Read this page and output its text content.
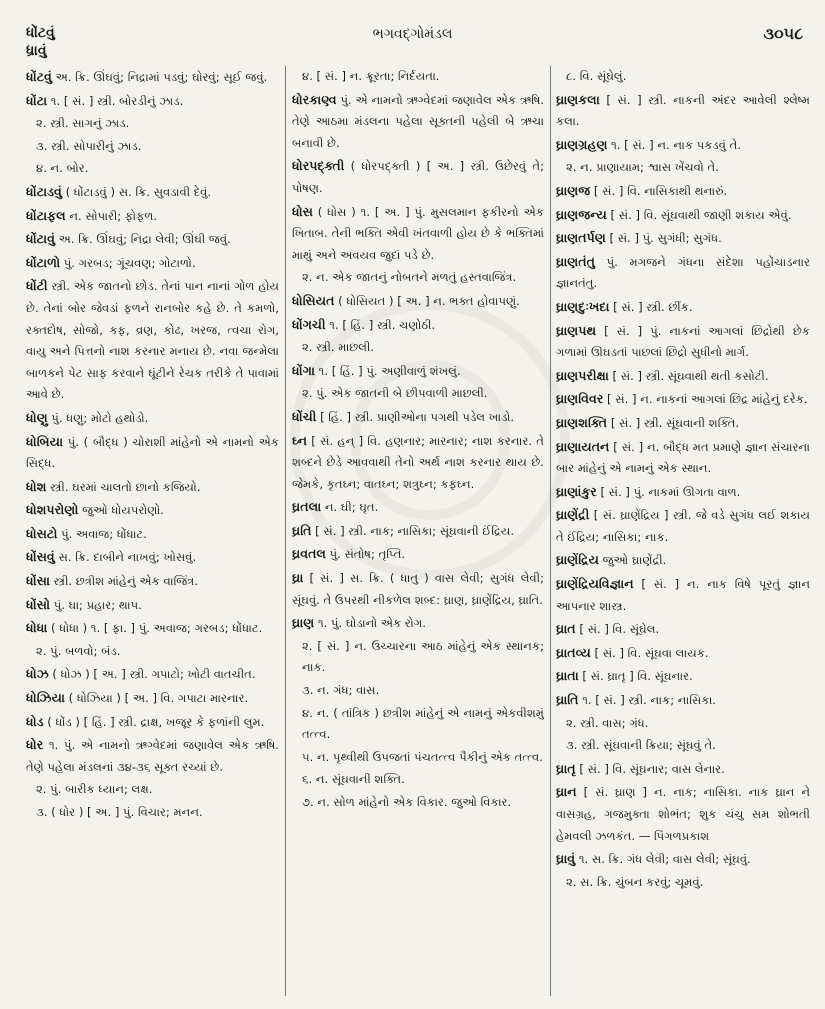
ધોંટવું
ધ્રાવું
ભગવદ્ગોમંડલ	૩૦૫૮
ધોંટવું અ. ક્રિ. ઊંઘવું; નિદ્રામાં પડવું; ઘોરવું; સૂઈ જવું.
ધોંટા ૧. [ સં. ] સ્ત્રી. બોરડીનું ઝાડ.
૨. સ્ત્રી. સાગનું ઝાડ.
૩. સ્ત્રી. સોપારીનું ઝાડ.
૪. ન. બોર.
ધોંટાડવું ( ધોંટાડવું ) સ. ક્રિ. સુવડાવી દેવું.
ધોંટાફલ ન. સોપારી; ફોફળ.
ધોંટાવું અ. ક્રિ. ઊંઘવું; નિદ્રા લેવી; ઊંઘી જવું.
ધોંટાળો પું. ગરબડ; ગૂંચવણ; ગોટાળો.
ધોંટી સ્ત્રી. એક જાતનો છોડ. તેનાં પાન નાનાં ગોળ હોય છે. તેનાં બોર જેવડાં ફળને રાનબોર કહે છે. તે કમળો, રક્તદોષ, સોજો, કફ, વ્રણ, કોઢ, ખરજ, ત્વચા રોગ, વાયુ અને પિત્તનો નાશ કરનાર મનાય છે. નવા જન્મેલા બાળકને પેટ સાફ કરવાને ઘૂંટીને રેચક તરીકે તે પાવામાં આવે છે.
ધોણુ પું. ધણુ; મોટો હથોડો.
ધોબિયા પું. ( બૌદ્ધ ) ચોરાશી માંહેનો એ નામનો એક સિદ્ધ.
ધોશ સ્ત્રી. ઘરમાં ચાલતો છાનો કજિયો.
ધોશપરોણો જુઓ ધોયપરોણો.
ધોસટો પું. અવાજ; ધોંધાટ.
ધોંસવું સ. ક્રિ. દાબીને નાખવું; ખોસવું.
ધોંસા સ્ત્રી. છત્રીશ માંહેનું એક વાજિંત્ર.
ધોંસો પું. ઘા; પ્રહાર; થાપ.
ધોધા ( ધોધા ) ૧. [ ફા. ] પું. અવાજ; ગરબડ; ધોંધાટ.
૨. પું. બળવો; બંડ.
ધોઝ ( ધોઝ ) [ અ. ] સ્ત્રી. ગપાટો; ખોટી વાતચીત.
ધોઝિયા ( ધોઝિયા ) [ અ. ] વિ. ગપાટા મારનાર.
ધોડ ( ધોંડ ) [ હિં. ] સ્ત્રી. દ્રાક્ષ, ખજૂર કે ફળાંની લુમ.
ધોર ૧. પું. એ નામનો ઋગ્વેદમાં જણાવેલ એક ઋષિ. તેણે પહેલા મંડલનાં ૩૪-૩૬ સૂક્ત રચ્યાં છે.
૨. પું. બારીક ધ્યાન; લક્ષ.
૩. ( ધોર ) [ અ. ] પું. વિચાર; મનન.
૪. [ સં. ] ન. ક્રૂરતા; નિર્દયતા.
ધોરકાણ્વ પું. એ નામનો ઋગ્વેદમાં જણાવેલ એક ઋષિ. તેણે આઠમા મંડલના પહેલા સૂક્તની પહેલી બે ઋચા બનાવી છે.
ધોરપદ્ક્તી ( ધોરપદ્ક્તી ) [ અ. ] સ્ત્રી. ઉછેરવું તે; પોષણ.
ધોસ ( ધોસ ) ૧. [ અ. ] પું. મુસલમાન ફકીરનો એક ખિતાબ. તેની ભક્તિ એવી ખંતવાળી હોય છે કે ભક્તિમાં માથું અને અવયવ જુદાં પડે છે.
૨. ન. એક જાતનું નોબતને મળતું હસ્તવાજિંત્ર.
ધોસિયત ( ધોસિયત ) [ અ. ] ન. ભક્ત હોવાપણું.
ધોંગચી ૧. [ હિં. ] સ્ત્રી. ચણોઠી.
૨. સ્ત્રી. માછલી.
ધોંગા ૧. [ હિં. ] પું. અણીવાળું શંખલું.
૨. પું. એક જાતની બે છીપવાળી માછલી.
ધોંચી [ હિં. ] સ્ત્રી. પ્રાણીઓના પગથી પડેલ ખાડો.
ઘ્ન [ સં. હન્ ] વિ. હણનાર; મારનાર; નાશ કરનાર. તે શબ્દને છેડે આવવાથી તેનો અર્થ નાશ કરનાર થાય છે. જેમકે, કૃતઘ્ન; વાતઘ્ન; શત્રુઘ્ન; કફઘ્ન.
ઘ્રતલા ન. ઘી; ઘૃત.
ઘ્રતિ [ સં. ] સ્ત્રી. નાક; નાસિકા; સૂંઘવાની ઈંદ્રિય.
ઘ્રવતલ પું. સંતોષ; તૃપ્તિ.
ઘ્રા [ સં. ] સ. ક્રિ. ( ધાતુ ) વાસ લેવી; સુગંધ લેવી; સૂંઘવું. તે ઉપરથી નીકળેલ શબ્દ: ઘ્રાણ, ઘ્રાણેંદ્રિય, ઘ્રાતિ.
ઘ્રાણ ૧. પું. ઘોડાનો એક રોગ.
૨. [ સં. ] ન. ઉચ્ચારના આઠ માંહેનું એક સ્થાનક; નાક.
૩. ન. ગંધ; વાસ.
૪. ન. ( તાંત્રિક ) છત્રીશ માંહેનું એ નામનું એકવીશમું તત્ત્વ.
૫. ન. પૃથ્વીથી ઉપજતાં પંચતત્ત્વ પૈકીનું એક તત્ત્વ.
૬. ન. સૂંઘવાની શક્તિ.
૭. ન. સોળ માંહેનો એક વિકાર. જુઓ વિકાર.
૮. વિ. સૂંઘેલું.
ઘ્રાણકલા [ સં. ] સ્ત્રી. નાકની અંદર આવેલી શ્લેષ્મ કલા.
ઘ્રાણગ્રહણ ૧. [ સં. ] ન. નાક પકડવું તે.
૨. ન. પ્રાણાયામ; શ્વાસ ખેંચવો તે.
ઘ્રાણજ [ સં. ] વિ. નાસિકાથી થનારું.
ઘ્રાણજન્ય [ સં. ] વિ. સૂંઘવાથી જાણી શકાય એવું.
ઘ્રાણતર્પણ [ સં. ] પું. સુગંધી; સુગંધ.
ઘ્રાણતંતુ પું. મગજને ગંધના સંદેશા પહોંચાડનાર જ્ઞાનતંતુ.
ઘ્રાણદુઃખદા [ સં. ] સ્ત્રી. છીંક.
ઘ્રાણપથ [ સં. ] પું. નાકનાં આગલાં છિદ્રોથી છેક ગળામાં ઊઘડતાં પાછલાં છિદ્રો સુધીનો માર્ગ.
ઘ્રાણપરીક્ષા [ સં. ] સ્ત્રી. સૂંઘવાથી થતી કસોટી.
ઘ્રાણવિવર [ સં. ] ન. નાકનાં આગલાં છિદ્ર માંહેનું દરેક.
ઘ્રાણશક્તિ [ સં. ] સ્ત્રી. સૂંઘવાની શક્તિ.
ઘ્રાણાયતન [ સં. ] ન. બૌદ્ધ મત પ્રમાણે જ્ઞાન સંચારના બાર માંહેનું એ નામનું એક સ્થાન.
ઘ્રાણાંકુર [ સં. ] પું. નાકમાં ઊગતા વાળ.
ઘ્રાણેંદ્રી [ સં. ઘ્રાણેંદ્રિય ] સ્ત્રી. જે વડે સુગંધ લઈ શકાય તે ઈંદ્રિય; નાસિકા; નાક.
ઘ્રાણેંદ્રિય જુઓ ઘ્રાણેંદ્રી.
ઘ્રાણેંદ્રિયવિજ્ઞાન [ સં. ] ન. નાક વિષે પૂરતું જ્ઞાન આપનાર શાસ્ત્ર.
ઘ્રાત [ સં. ] વિ. સૂંઘેલ.
ઘ્રાતવ્ય [ સં. ] વિ. સૂંઘવા લાયક.
ઘ્રાતા [ સં. ઘ્રાતૃ ] વિ. સૂંઘનાર.
ઘ્રાતિ ૧. [ સં. ] સ્ત્રી. નાક; નાસિકા.
૨. સ્ત્રી. વાસ; ગંધ.
૩. સ્ત્રી. સૂંઘવાની ક્રિયા; સૂંઘવું તે.
ઘ્રાતૃ [ સં. ] વિ. સૂંઘનાર; વાસ લેનાર.
ઘ્રાન [ સં. ઘ્રાણ ] ન. નાક; નાસિકા. નાક ઘ્રાન ને વાસગ્રહ, ગજમુક્તા શોભંત; શુક ચંચુ સમ શોભતી હેમવલી ઝળકંત. — પિંગળપ્રકાશ
ઘ્રાવું ૧. સ. ક્રિ. ગંધ લેવી; વાસ લેવી; સૂંઘવું.
૨. સ. ક્રિ. ચુંબન કરવું; ચૂમવું.
